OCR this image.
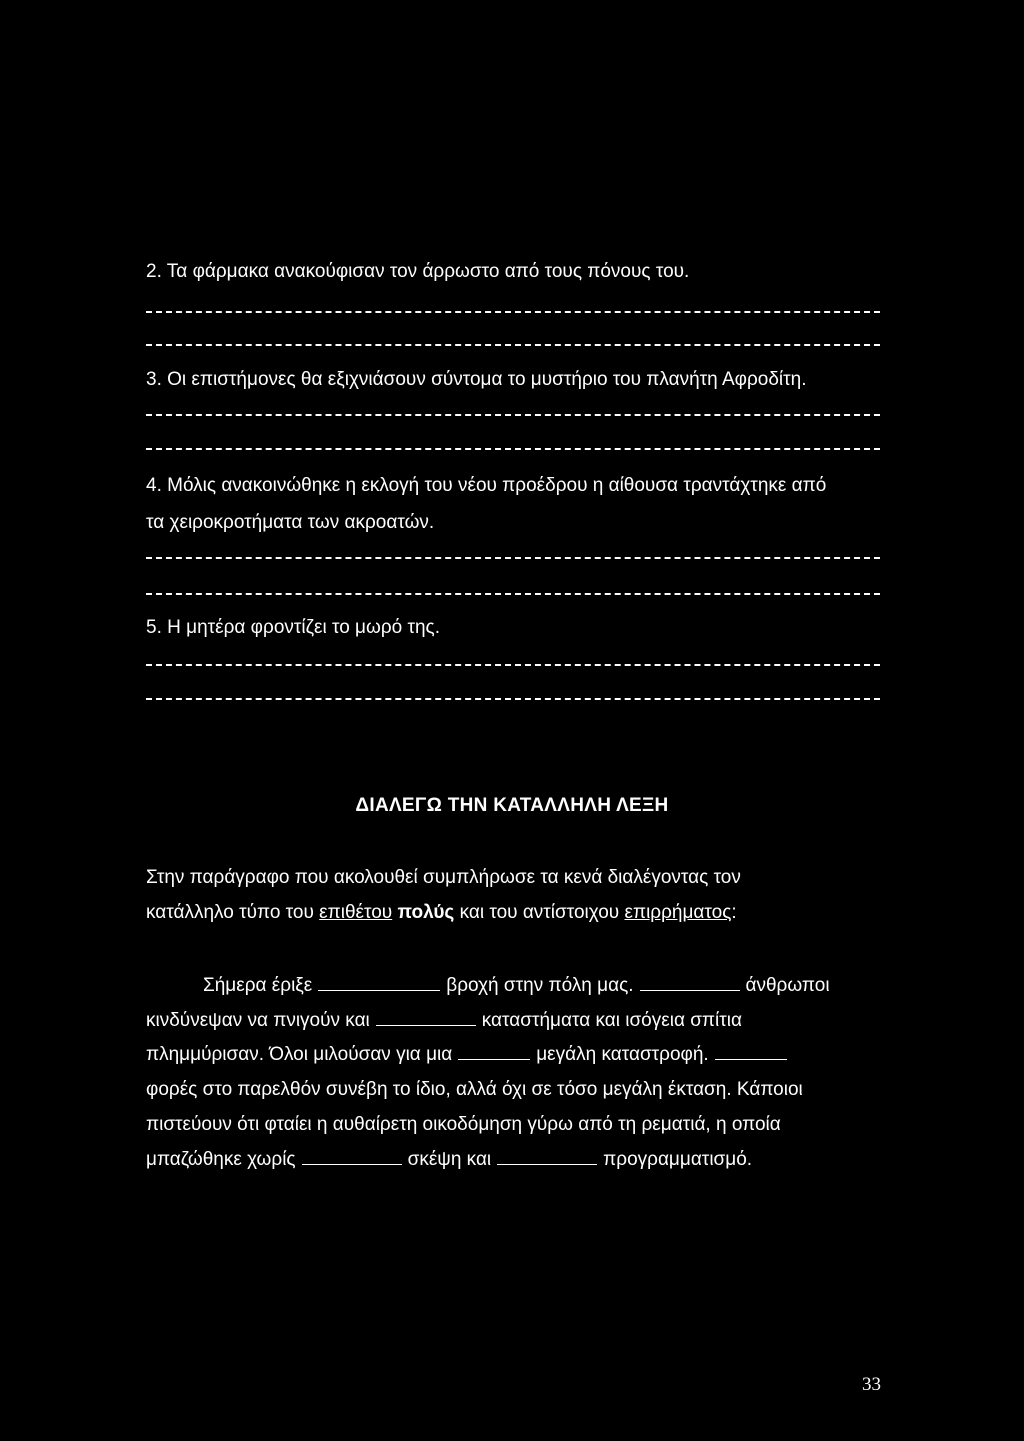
2. Τα φάρμακα ανακούφισαν τον άρρωστο από τους πόνους του.
3. Οι επιστήμονες θα εξιχνιάσουν σύντομα το μυστήριο του πλανήτη Αφροδίτη.
4. Μόλις ανακοινώθηκε η εκλογή του νέου προέδρου η αίθουσα τραντάχτηκε από
τα χειροκροτήματα των ακροατών.
5. Η μητέρα φροντίζει το μωρό της.
ΔΙΑΛΕΓΩ ΤΗΝ ΚΑΤΑΛΛΗΛΗ ΛΕΞΗ
Στην παράγραφο που ακολουθεί συμπλήρωσε τα κενά διαλέγοντας τον
κατάλληλο τύπο του επιθέτου πολύς και του αντίστοιχου επιρρήματος:
Σήμερα έριξε	βροχή στην πόλη μας.	άνθρωποι
κινδύνεψαν να πνιγούν και	καταστήματα και ισόγεια σπίτια
πλημμύρισαν. Όλοι μιλούσαν για μια	μεγάλη καταστροφή.
φορές στο παρελθόν συνέβη το ίδιο, αλλά όχι σε τόσο μεγάλη έκταση. Κάποιοι
πιστεύουν ότι φταίει η αυθαίρετη οικοδόμηση γύρω από τη ρεματιά, η οποία
μπαζώθηκε χωρίς	σκέψη και	προγραμματισμό.
33
